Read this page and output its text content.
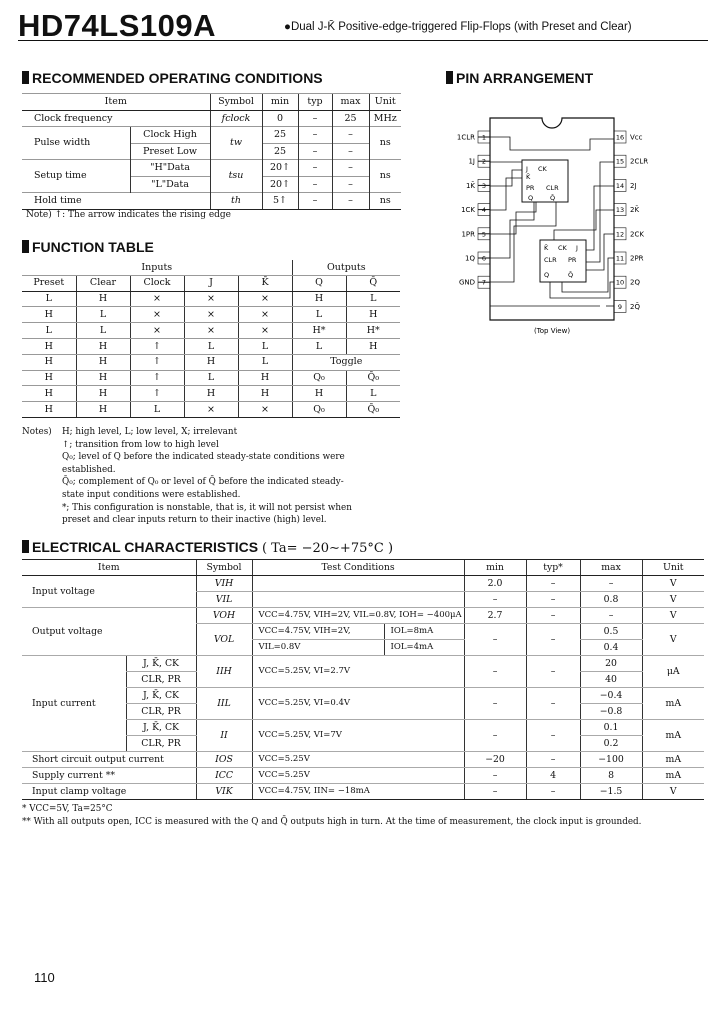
HD74LS109A	●Dual J-K̄ Positive-edge-triggered Flip-Flops (with Preset and Clear)
RECOMMENDED OPERATING CONDITIONS
Item		Symbol	min	typ	max	Unit
Clock frequency		fclock	0	–	25	MHz
Pulse width	Clock High	tw	25	–	–	ns
	Preset Low		25	–	–	
Setup time	"H"Data	tsu	20↑	–	–	ns
	"L"Data		20↑	–	–	
Hold time		th	5↑	–	–	ns
Note) ↑: The arrow indicates the rising edge
FUNCTION TABLE
Inputs					Outputs	
Preset	Clear	Clock	J	K̄	Q	Q̄
L	H	×	×	×	H	L
H	L	×	×	×	L	H
L	L	×	×	×	H*	H*
H	H	↑	L	L	L	H
H	H	↑	H	L	Toggle	
H	H	↑	L	H	Q₀	Q̄₀
H	H	↑	H	H	H	L
H	H	L	×	×	Q₀	Q̄₀
Notes)	H; high level, L; low level, X; irrelevant
↑; transition from low to high level
Q₀; level of Q before the indicated steady-state conditions were established.
Q̄₀; complement of Q₀ or level of Q̄ before the indicated steady-state input conditions were established.
*; This configuration is nonstable, that is, it will not persist when preset and clear inputs return to their inactive (high) level.
PIN ARRANGEMENT
1CLR 1
1J 2
1K̄ 3
1CK 4
1PR 5
1Q 6
GND 7
16 Vcc
15 2CLR
14 2J
13 2K̄
12 2CK
11 2PR
10 2Q
9 2Q̄
J CK
K̄
PR CLR
Q	Q̄
K̄ CK J
CLR PR
Q	Q̄
(Top View)
ELECTRICAL CHARACTERISTICS ( Ta= −20∼+75°C )
Item		Symbol	Test Conditions		min	typ*	max	Unit
Input voltage		VIH			2.0	–	–	V
		VIL			–	–	0.8	V
Output voltage		VOH	VCC=4.75V, VIH=2V, VIL=0.8V, IOH= −400μA		2.7	–	–	V
		VOL	VCC=4.75V, VIH=2V,	IOL=8mA	–	–	0.5	V
			VIL=0.8V	IOL=4mA			0.4	
Input current	J, K̄, CK	IIH	VCC=5.25V, VI=2.7V		–	–	20	μA
	CLR, PR						40	
	J, K̄, CK	IIL	VCC=5.25V, VI=0.4V		–	–	−0.4	mA
	CLR, PR						−0.8	
	J, K̄, CK	II	VCC=5.25V, VI=7V		–	–	0.1	mA
	CLR, PR						0.2	
Short circuit output current		IOS	VCC=5.25V		−20	–	−100	mA
Supply current **		ICC	VCC=5.25V		–	4	8	mA
Input clamp voltage		VIK	VCC=4.75V, IIN= −18mA		–	–	−1.5	V
* VCC=5V, Ta=25°C
** With all outputs open, ICC is measured with the Q and Q̄ outputs high in turn. At the time of measurement, the clock input is grounded.
110
